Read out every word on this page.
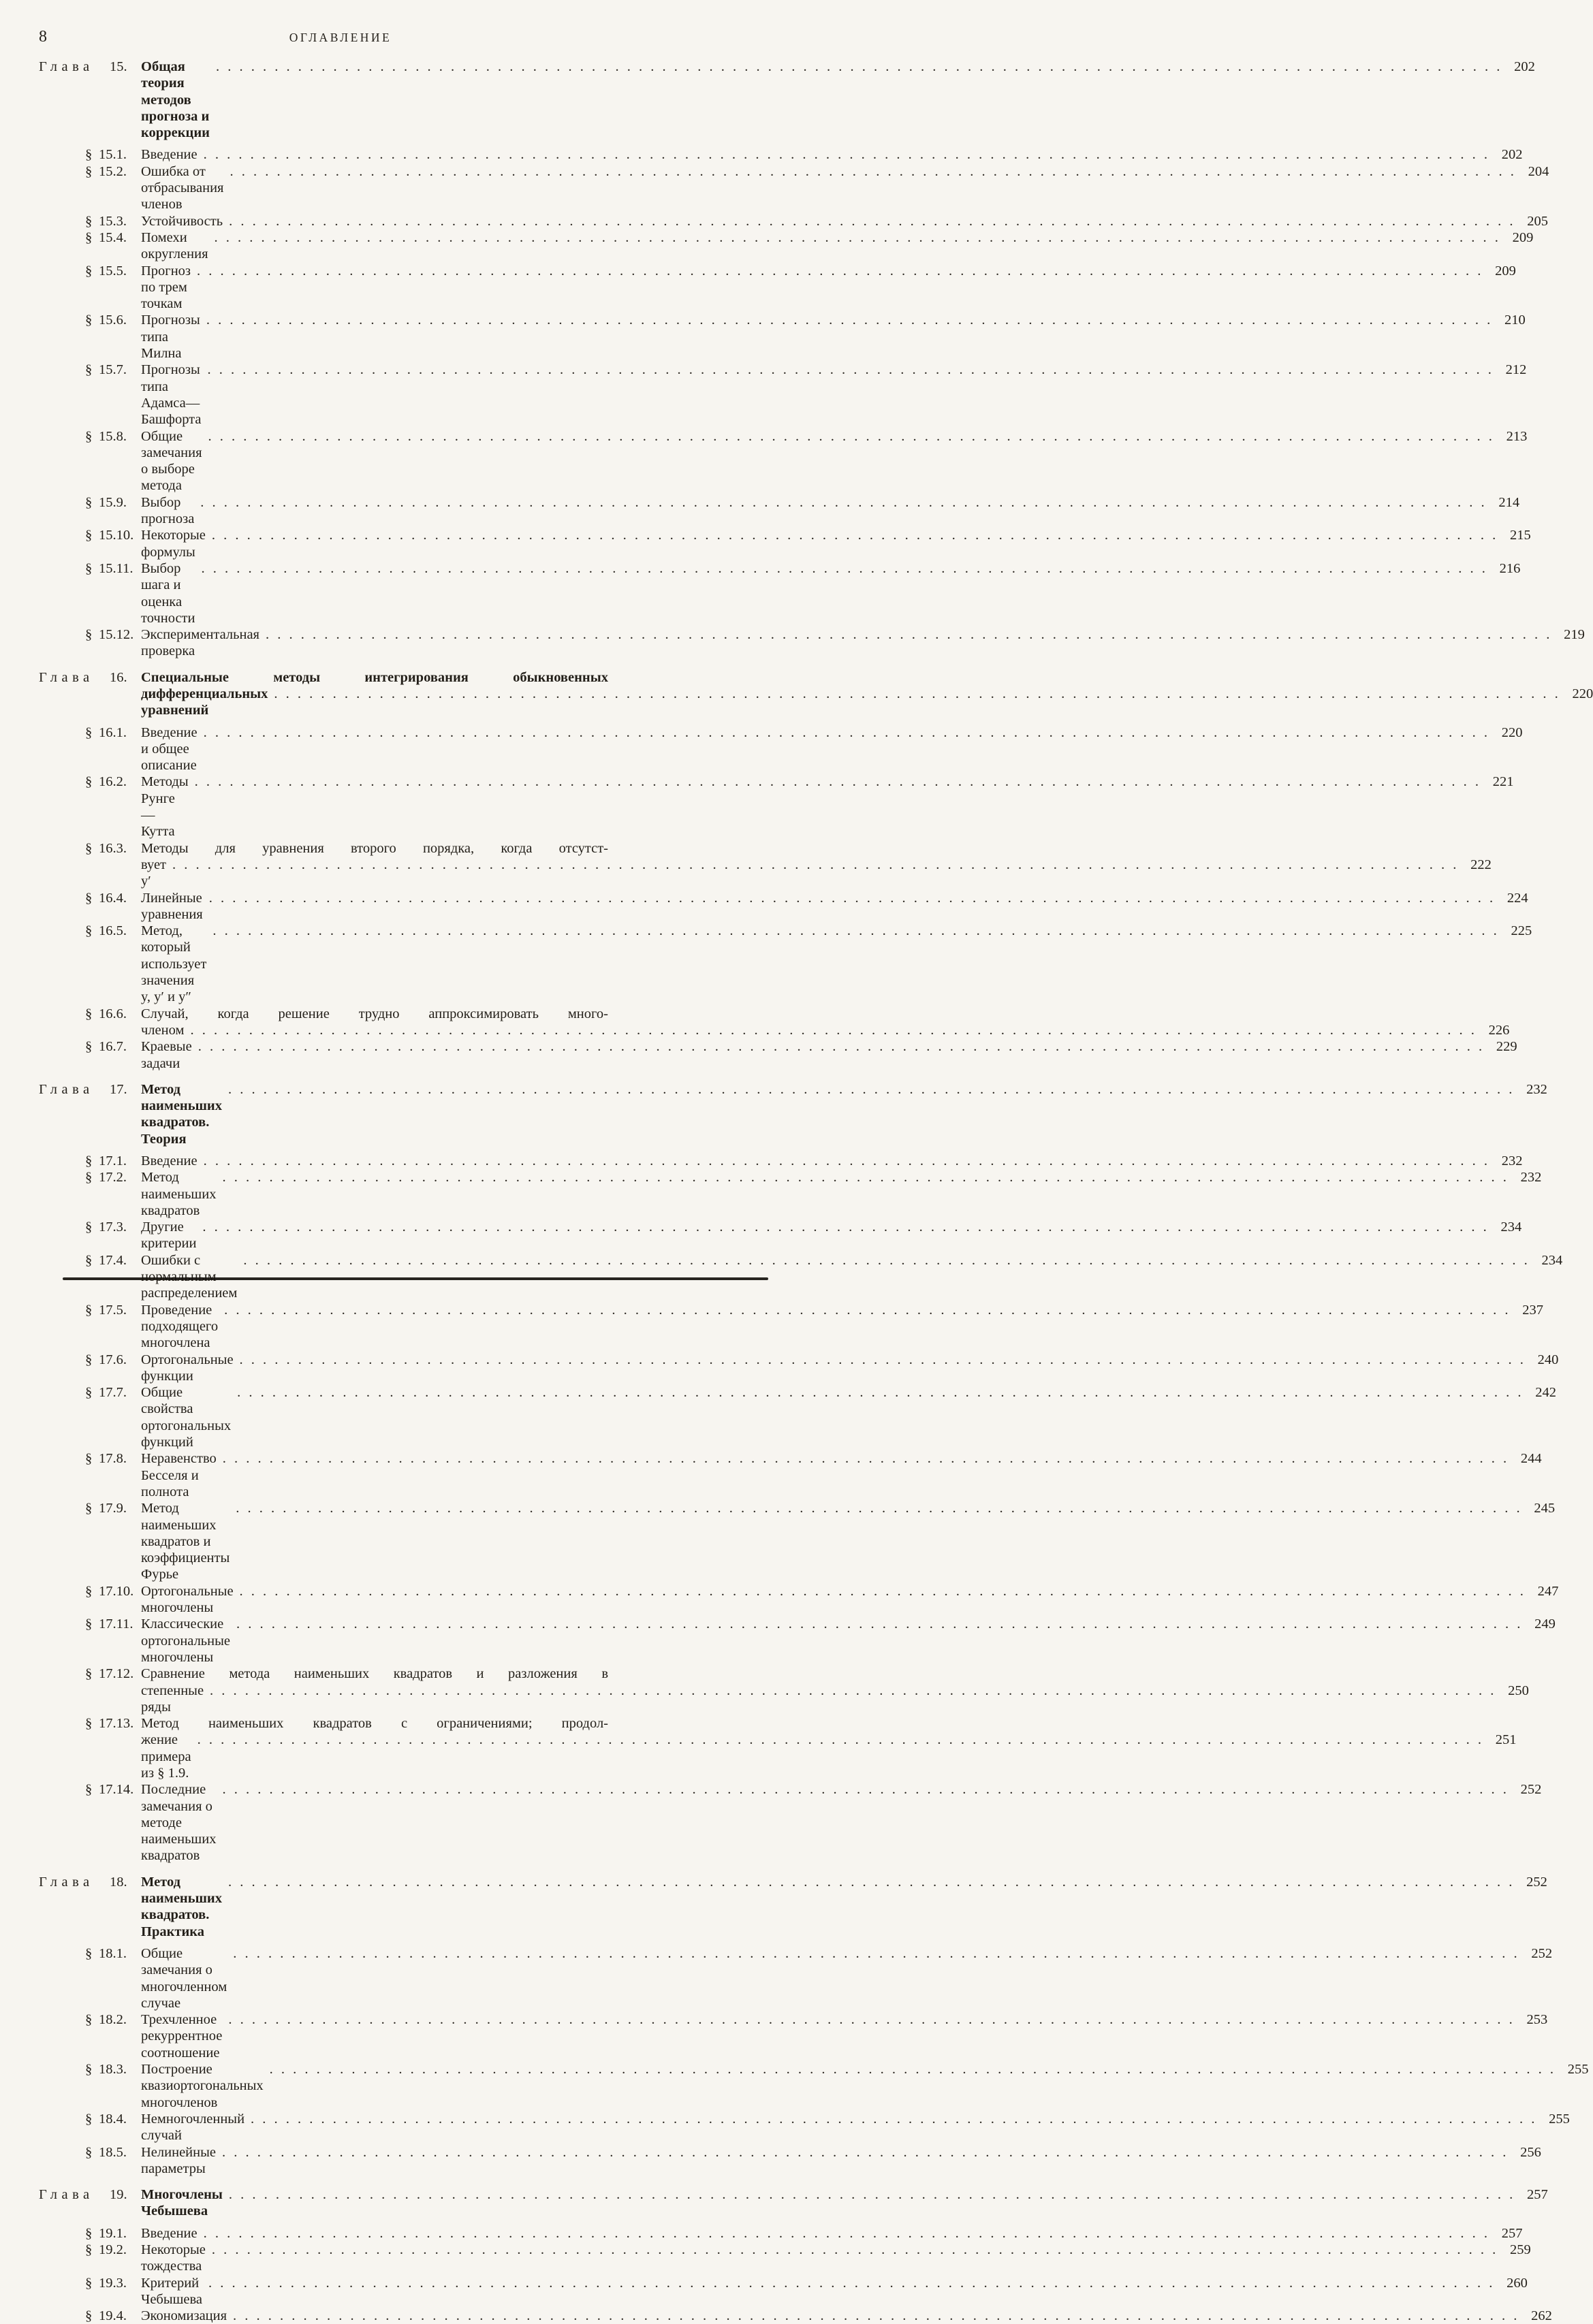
8	ОГЛАВЛЕНИЕ
Глава 15. Общая теория методов прогноза и коррекции
. . . . . . . . . . . . . . . . . . . . . . . . . . . . . . . . . . . . . . . . . . . . . . . . . . . . . . . . . . . . . . . . . . . . . . . . . . . . . . . . . . . . . . . . . . . . . . . . . . . . . . . . . . . . . . 202
§ 15.1.	Введение . . . . . . . . . . . . . . . . . . . . . . . . . . . . . . . . . . . . . . . . . . . . . . . . . . . . . . . . . . . . . . . . . . . . . . . . . . . . . . . . . . . . . . . . . . . . . . . . . . . . . . . . . . . . . . 202
§ 15.2.	Ошибка от отбрасывания членов
. . . . . . . . . . . . . . . . . . . . . . . . . . . . . . . . . . . . . . . . . . . . . . . . . . . . . . . . . . . . . . . . . . . . . . . . . . . . . . . . . . . . . . . . . . . . . . . . . . . . . . . . . . . . . . 204
§ 15.3.	Устойчивость . . . . . . . . . . . . . . . . . . . . . . . . . . . . . . . . . . . . . . . . . . . . . . . . . . . . . . . . . . . . . . . . . . . . . . . . . . . . . . . . . . . . . . . . . . . . . . . . . . . . . . . . . . . . . . 205
§ 15.4.	Помехи округления
. . . . . . . . . . . . . . . . . . . . . . . . . . . . . . . . . . . . . . . . . . . . . . . . . . . . . . . . . . . . . . . . . . . . . . . . . . . . . . . . . . . . . . . . . . . . . . . . . . . . . . . . . . . . . . 209
§ 15.5.	Прогноз по трем точкам
. . . . . . . . . . . . . . . . . . . . . . . . . . . . . . . . . . . . . . . . . . . . . . . . . . . . . . . . . . . . . . . . . . . . . . . . . . . . . . . . . . . . . . . . . . . . . . . . . . . . . . . . . . . . . . 209
§ 15.6.	Прогнозы типа Милна
. . . . . . . . . . . . . . . . . . . . . . . . . . . . . . . . . . . . . . . . . . . . . . . . . . . . . . . . . . . . . . . . . . . . . . . . . . . . . . . . . . . . . . . . . . . . . . . . . . . . . . . . . . . . . . 210
§ 15.7.	Прогнозы типа Адамса—Башфорта
. . . . . . . . . . . . . . . . . . . . . . . . . . . . . . . . . . . . . . . . . . . . . . . . . . . . . . . . . . . . . . . . . . . . . . . . . . . . . . . . . . . . . . . . . . . . . . . . . . . . . . . . . . . . . . 212
§ 15.8.	Общие замечания о выборе метода
. . . . . . . . . . . . . . . . . . . . . . . . . . . . . . . . . . . . . . . . . . . . . . . . . . . . . . . . . . . . . . . . . . . . . . . . . . . . . . . . . . . . . . . . . . . . . . . . . . . . . . . . . . . . . . 213
§ 15.9.	Выбор прогноза
. . . . . . . . . . . . . . . . . . . . . . . . . . . . . . . . . . . . . . . . . . . . . . . . . . . . . . . . . . . . . . . . . . . . . . . . . . . . . . . . . . . . . . . . . . . . . . . . . . . . . . . . . . . . . . 214
§ 15.10. Некоторые формулы
. . . . . . . . . . . . . . . . . . . . . . . . . . . . . . . . . . . . . . . . . . . . . . . . . . . . . . . . . . . . . . . . . . . . . . . . . . . . . . . . . . . . . . . . . . . . . . . . . . . . . . . . . . . . . . 215
§ 15.11. Выбор шага и оценка точности
. . . . . . . . . . . . . . . . . . . . . . . . . . . . . . . . . . . . . . . . . . . . . . . . . . . . . . . . . . . . . . . . . . . . . . . . . . . . . . . . . . . . . . . . . . . . . . . . . . . . . . . . . . . . . . 216
§ 15.12. Экспериментальная проверка
. . . . . . . . . . . . . . . . . . . . . . . . . . . . . . . . . . . . . . . . . . . . . . . . . . . . . . . . . . . . . . . . . . . . . . . . . . . . . . . . . . . . . . . . . . . . . . . . . . . . . . . . . . . . . . 219
Глава 16. Специальные методы интегрирования обыкновенных
дифференциальных уравнений
. . . . . . . . . . . . . . . . . . . . . . . . . . . . . . . . . . . . . . . . . . . . . . . . . . . . . . . . . . . . . . . . . . . . . . . . . . . . . . . . . . . . . . . . . . . . . . . . . . . . . . . . . . . . . . 220
§ 16.1.	Введение и общее описание
. . . . . . . . . . . . . . . . . . . . . . . . . . . . . . . . . . . . . . . . . . . . . . . . . . . . . . . . . . . . . . . . . . . . . . . . . . . . . . . . . . . . . . . . . . . . . . . . . . . . . . . . . . . . . . 220
§ 16.2.	Методы Рунге—Кутта
. . . . . . . . . . . . . . . . . . . . . . . . . . . . . . . . . . . . . . . . . . . . . . . . . . . . . . . . . . . . . . . . . . . . . . . . . . . . . . . . . . . . . . . . . . . . . . . . . . . . . . . . . . . . . . 221
§ 16.3.	Методы для уравнения второго порядка, когда отсутст-
вует y′
. . . . . . . . . . . . . . . . . . . . . . . . . . . . . . . . . . . . . . . . . . . . . . . . . . . . . . . . . . . . . . . . . . . . . . . . . . . . . . . . . . . . . . . . . . . . . . . . . . . . . . . . . . . . . . 222
§ 16.4.	Линейные уравнения
. . . . . . . . . . . . . . . . . . . . . . . . . . . . . . . . . . . . . . . . . . . . . . . . . . . . . . . . . . . . . . . . . . . . . . . . . . . . . . . . . . . . . . . . . . . . . . . . . . . . . . . . . . . . . . 224
§ 16.5.	Метод, который использует значения y, y′ и y″
. . . . . . . . . . . . . . . . . . . . . . . . . . . . . . . . . . . . . . . . . . . . . . . . . . . . . . . . . . . . . . . . . . . . . . . . . . . . . . . . . . . . . . . . . . . . . . . . . . . . . . . . . . . . . . 225
§ 16.6.	Случай, когда решение трудно аппроксимировать много-
членом . . . . . . . . . . . . . . . . . . . . . . . . . . . . . . . . . . . . . . . . . . . . . . . . . . . . . . . . . . . . . . . . . . . . . . . . . . . . . . . . . . . . . . . . . . . . . . . . . . . . . . . . . . . . . . 226
§ 16.7.	Краевые задачи
. . . . . . . . . . . . . . . . . . . . . . . . . . . . . . . . . . . . . . . . . . . . . . . . . . . . . . . . . . . . . . . . . . . . . . . . . . . . . . . . . . . . . . . . . . . . . . . . . . . . . . . . . . . . . . 229
Глава 17. Метод наименьших квадратов. Теория
. . . . . . . . . . . . . . . . . . . . . . . . . . . . . . . . . . . . . . . . . . . . . . . . . . . . . . . . . . . . . . . . . . . . . . . . . . . . . . . . . . . . . . . . . . . . . . . . . . . . . . . . . . . . . . 232
§ 17.1.	Введение . . . . . . . . . . . . . . . . . . . . . . . . . . . . . . . . . . . . . . . . . . . . . . . . . . . . . . . . . . . . . . . . . . . . . . . . . . . . . . . . . . . . . . . . . . . . . . . . . . . . . . . . . . . . . . 232
§ 17.2.	Метод наименьших квадратов
. . . . . . . . . . . . . . . . . . . . . . . . . . . . . . . . . . . . . . . . . . . . . . . . . . . . . . . . . . . . . . . . . . . . . . . . . . . . . . . . . . . . . . . . . . . . . . . . . . . . . . . . . . . . . . 232
§ 17.3.	Другие критерии
. . . . . . . . . . . . . . . . . . . . . . . . . . . . . . . . . . . . . . . . . . . . . . . . . . . . . . . . . . . . . . . . . . . . . . . . . . . . . . . . . . . . . . . . . . . . . . . . . . . . . . . . . . . . . . 234
§ 17.4.	Ошибки с распределением
. . . . . . . . . . . . . . . . . . . . . . . . . . . . . . . . . . . . . . . . . . . . . . . . . . . . . . . . . . . . . . . . . . . . . . . . . . . . . . . . . . . . . . . . . . . . . . . . . . . . . . . . . . . . . . 234
§ 17.5.	Проведение подходящего многочлена
. . . . . . . . . . . . . . . . . . . . . . . . . . . . . . . . . . . . . . . . . . . . . . . . . . . . . . . . . . . . . . . . . . . . . . . . . . . . . . . . . . . . . . . . . . . . . . . . . . . . . . . . . . . . . . 237
§ 17.6.	Ортогональные функции
. . . . . . . . . . . . . . . . . . . . . . . . . . . . . . . . . . . . . . . . . . . . . . . . . . . . . . . . . . . . . . . . . . . . . . . . . . . . . . . . . . . . . . . . . . . . . . . . . . . . . . . . . . . . . . 240
§ 17.7.	Общие свойства ортогональных функций
. . . . . . . . . . . . . . . . . . . . . . . . . . . . . . . . . . . . . . . . . . . . . . . . . . . . . . . . . . . . . . . . . . . . . . . . . . . . . . . . . . . . . . . . . . . . . . . . . . . . . . . . . . . . . . 242
§ 17.8.	Неравенство Бесселя и полнота
. . . . . . . . . . . . . . . . . . . . . . . . . . . . . . . . . . . . . . . . . . . . . . . . . . . . . . . . . . . . . . . . . . . . . . . . . . . . . . . . . . . . . . . . . . . . . . . . . . . . . . . . . . . . . . 244
§ 17.9.	Метод наименьших квадратов и коэффициенты Фурье
. . . . . . . . . . . . . . . . . . . . . . . . . . . . . . . . . . . . . . . . . . . . . . . . . . . . . . . . . . . . . . . . . . . . . . . . . . . . . . . . . . . . . . . . . . . . . . . . . . . . . . . . . . . . . . 245
§ 17.10. Ортогональные многочлены
. . . . . . . . . . . . . . . . . . . . . . . . . . . . . . . . . . . . . . . . . . . . . . . . . . . . . . . . . . . . . . . . . . . . . . . . . . . . . . . . . . . . . . . . . . . . . . . . . . . . . . . . . . . . . . 247
§ 17.11. Классические ортогональные многочлены
. . . . . . . . . . . . . . . . . . . . . . . . . . . . . . . . . . . . . . . . . . . . . . . . . . . . . . . . . . . . . . . . . . . . . . . . . . . . . . . . . . . . . . . . . . . . . . . . . . . . . . . . . . . . . . 249
§ 17.12. Сравнение метода наименьших квадратов и разложения в
степенные ряды
. . . . . . . . . . . . . . . . . . . . . . . . . . . . . . . . . . . . . . . . . . . . . . . . . . . . . . . . . . . . . . . . . . . . . . . . . . . . . . . . . . . . . . . . . . . . . . . . . . . . . . . . . . . . . . 250
§ 17.13. Метод наименьших квадратов с ограничениями; продол-
жение примера из § 1.9.
. . . . . . . . . . . . . . . . . . . . . . . . . . . . . . . . . . . . . . . . . . . . . . . . . . . . . . . . . . . . . . . . . . . . . . . . . . . . . . . . . . . . . . . . . . . . . . . . . . . . . . . . . . . . . . 251
§ 17.14. Последние замечания о методе наименьших квадратов
. . . . . . . . . . . . . . . . . . . . . . . . . . . . . . . . . . . . . . . . . . . . . . . . . . . . . . . . . . . . . . . . . . . . . . . . . . . . . . . . . . . . . . . . . . . . . . . . . . . . . . . . . . . . . . 252
Глава 18. Метод наименьших квадратов. Практика
. . . . . . . . . . . . . . . . . . . . . . . . . . . . . . . . . . . . . . . . . . . . . . . . . . . . . . . . . . . . . . . . . . . . . . . . . . . . . . . . . . . . . . . . . . . . . . . . . . . . . . . . . . . . . . 252
§ 18.1.	Общие замечания о многочленном случае
. . . . . . . . . . . . . . . . . . . . . . . . . . . . . . . . . . . . . . . . . . . . . . . . . . . . . . . . . . . . . . . . . . . . . . . . . . . . . . . . . . . . . . . . . . . . . . . . . . . . . . . . . . . . . . 252
§ 18.2.	Трехчленное рекуррентное соотношение
. . . . . . . . . . . . . . . . . . . . . . . . . . . . . . . . . . . . . . . . . . . . . . . . . . . . . . . . . . . . . . . . . . . . . . . . . . . . . . . . . . . . . . . . . . . . . . . . . . . . . . . . . . . . . . 253
§ 18.3.	Построение квазиортогональных многочленов
. . . . . . . . . . . . . . . . . . . . . . . . . . . . . . . . . . . . . . . . . . . . . . . . . . . . . . . . . . . . . . . . . . . . . . . . . . . . . . . . . . . . . . . . . . . . . . . . . . . . . . . . . . . . . . 255
§ 18.4.	Немногочленный случай
. . . . . . . . . . . . . . . . . . . . . . . . . . . . . . . . . . . . . . . . . . . . . . . . . . . . . . . . . . . . . . . . . . . . . . . . . . . . . . . . . . . . . . . . . . . . . . . . . . . . . . . . . . . . . . 255
§ 18.5.	Нелинейные параметры
. . . . . . . . . . . . . . . . . . . . . . . . . . . . . . . . . . . . . . . . . . . . . . . . . . . . . . . . . . . . . . . . . . . . . . . . . . . . . . . . . . . . . . . . . . . . . . . . . . . . . . . . . . . . . . 256
Глава 19. Многочлены Чебышева
. . . . . . . . . . . . . . . . . . . . . . . . . . . . . . . . . . . . . . . . . . . . . . . . . . . . . . . . . . . . . . . . . . . . . . . . . . . . . . . . . . . . . . . . . . . . . . . . . . . . . . . . . . . . . . 257
§ 19.1.	Введение . . . . . . . . . . . . . . . . . . . . . . . . . . . . . . . . . . . . . . . . . . . . . . . . . . . . . . . . . . . . . . . . . . . . . . . . . . . . . . . . . . . . . . . . . . . . . . . . . . . . . . . . . . . . . . 257
§ 19.2.	Некоторые тождества
. . . . . . . . . . . . . . . . . . . . . . . . . . . . . . . . . . . . . . . . . . . . . . . . . . . . . . . . . . . . . . . . . . . . . . . . . . . . . . . . . . . . . . . . . . . . . . . . . . . . . . . . . . . . . . 259
§ 19.3.	Критерий Чебышева
. . . . . . . . . . . . . . . . . . . . . . . . . . . . . . . . . . . . . . . . . . . . . . . . . . . . . . . . . . . . . . . . . . . . . . . . . . . . . . . . . . . . . . . . . . . . . . . . . . . . . . . . . . . . . . 260
§ 19.4.	Экономизация . . . . . . . . . . . . . . . . . . . . . . . . . . . . . . . . . . . . . . . . . . . . . . . . . . . . . . . . . . . . . . . . . . . . . . . . . . . . . . . . . . . . . . . . . . . . . . . . . . . . . . . . . . . . . . 262
